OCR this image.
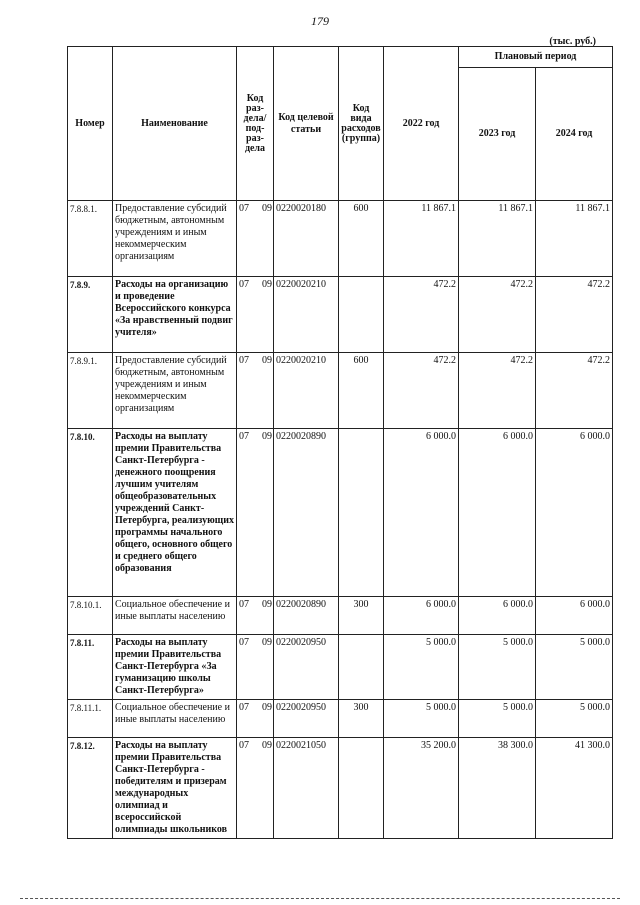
179
(тыс. руб.)
Номер	Наименование	Код раз-дела/ под-раз-дела	Код целевой статьи	Код вида расходов (группа)	2022 год	Плановый период	
						2023 год	2024 год
7.8.8.1.	Предоставление субсидий бюджетным, автономным учреждениям и иным некоммерческим организациям	07 09	0220020180	600	11 867.1	11 867.1	11 867.1
7.8.9.	Расходы на организацию и проведение Всероссийского конкурса «За нравственный подвиг учителя»	07 09	0220020210		472.2	472.2	472.2
7.8.9.1.	Предоставление субсидий бюджетным, автономным учреждениям и иным некоммерческим организациям	07 09	0220020210	600	472.2	472.2	472.2
7.8.10.	Расходы на выплату премии Правительства Санкт-Петербурга - денежного поощрения лучшим учителям общеобразовательных учреждений Санкт-Петербурга, реализующих программы начального общего, основного общего и среднего общего образования	07 09	0220020890		6 000.0	6 000.0	6 000.0
7.8.10.1.	Социальное обеспечение и иные выплаты населению	07 09	0220020890	300	6 000.0	6 000.0	6 000.0
7.8.11.	Расходы на выплату премии Правительства Санкт-Петербурга «За гуманизацию школы Санкт-Петербурга»	07 09	0220020950		5 000.0	5 000.0	5 000.0
7.8.11.1.	Социальное обеспечение и иные выплаты населению	07 09	0220020950	300	5 000.0	5 000.0	5 000.0
7.8.12.	Расходы на выплату премии Правительства Санкт-Петербурга - победителям и призерам международных олимпиад и всероссийской олимпиады школьников	07 09	0220021050		35 200.0	38 300.0	41 300.0
